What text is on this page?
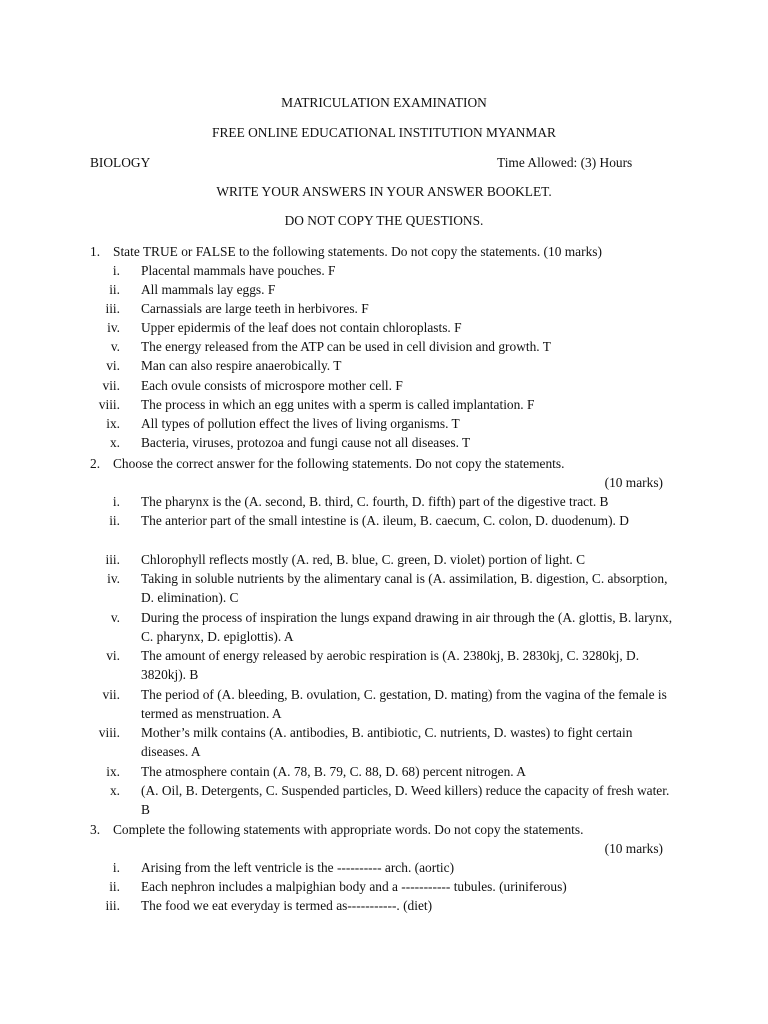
MATRICULATION EXAMINATION
FREE ONLINE EDUCATIONAL INSTITUTION MYANMAR
BIOLOGY	Time Allowed: (3) Hours
WRITE YOUR ANSWERS IN YOUR ANSWER BOOKLET.
DO NOT COPY THE QUESTIONS.
1. State TRUE or FALSE to the following statements. Do not copy the statements. (10 marks)
i. Placental mammals have pouches. F
ii. All mammals lay eggs. F
iii. Carnassials are large teeth in herbivores. F
iv. Upper epidermis of the leaf does not contain chloroplasts. F
v. The energy released from the ATP can be used in cell division and growth. T
vi. Man can also respire anaerobically. T
vii. Each ovule consists of microspore mother cell. F
viii. The process in which an egg unites with a sperm is called implantation. F
ix. All types of pollution effect the lives of living organisms. T
x. Bacteria, viruses, protozoa and fungi cause not all diseases. T
2. Choose the correct answer for the following statements. Do not copy the statements.
(10 marks)
i. The pharynx is the (A. second, B. third, C. fourth, D. fifth) part of the digestive tract. B
ii. The anterior part of the small intestine is (A. ileum, B. caecum, C. colon, D. duodenum). D
iii. Chlorophyll reflects mostly (A. red, B. blue, C. green, D. violet) portion of light. C
iv. Taking in soluble nutrients by the alimentary canal is (A. assimilation, B. digestion, C. absorption, D. elimination). C
v. During the process of inspiration the lungs expand drawing in air through the (A. glottis, B. larynx, C. pharynx, D. epiglottis). A
vi. The amount of energy released by aerobic respiration is (A. 2380kj, B. 2830kj, C. 3280kj, D. 3820kj). B
vii. The period of (A. bleeding, B. ovulation, C. gestation, D. mating) from the vagina of the female is termed as menstruation. A
viii. Mother’s milk contains (A. antibodies, B. antibiotic, C. nutrients, D. wastes) to fight certain diseases. A
ix. The atmosphere contain (A. 78, B. 79, C. 88, D. 68) percent nitrogen. A
x. (A. Oil, B. Detergents, C. Suspended particles, D. Weed killers) reduce the capacity of fresh water. B
3. Complete the following statements with appropriate words. Do not copy the statements.
(10 marks)
i. Arising from the left ventricle is the ---------- arch. (aortic)
ii. Each nephron includes a malpighian body and a ----------- tubules. (uriniferous)
iii. The food we eat everyday is termed as-----------. (diet)
